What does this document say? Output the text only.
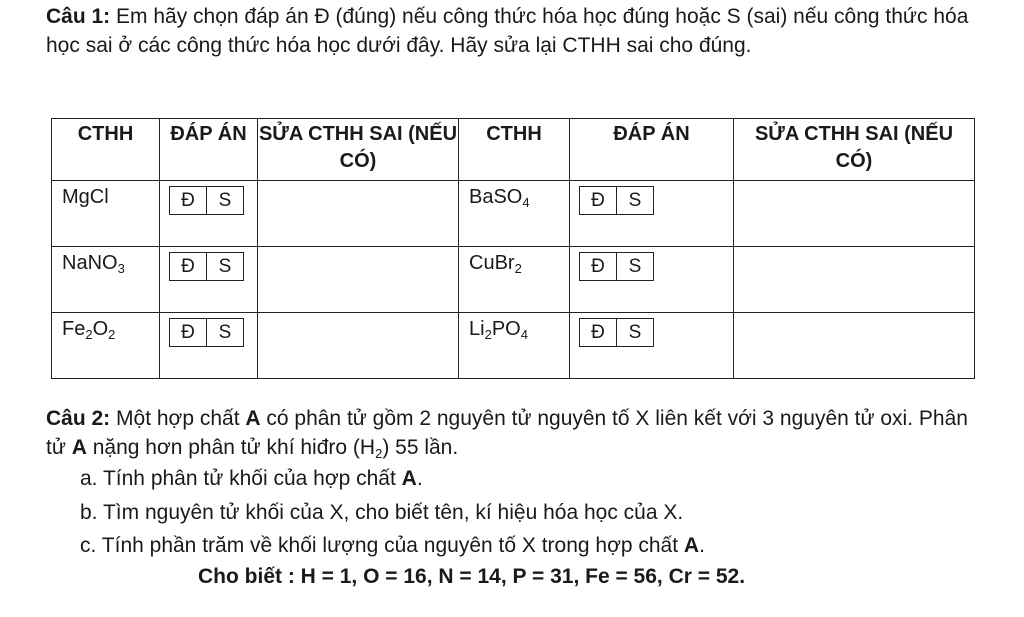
Câu 1: Em hãy chọn đáp án Đ (đúng) nếu công thức hóa học đúng hoặc S (sai) nếu công thức hóa học sai ở các công thức hóa học dưới đây. Hãy sửa lại CTHH sai cho đúng.
CTHH	ĐÁP ÁN	SỬA CTHH SAI (NẾU CÓ)	CTHH	ĐÁP ÁN	SỬA CTHH SAI (NẾU CÓ)
MgCl	Đ S		BaSO$_4$	Đ S	

NaNO$_3$	Đ S		CuBr$_2$	Đ S	

$Fe_2O_2$	Đ S		$Li_2PO_4$	Đ S	

Câu 2: Một hợp chất A có phân tử gồm 2 nguyên tử nguyên tố X liên kết với 3 nguyên tử oxi. Phân tử A nặng hơn phân tử khí hiđro $(H_2)$ 55 lần.
a. Tính phân tử khối của hợp chất A.
b. Tìm nguyên tử khối của X, cho biết tên, kí hiệu hóa học của X.
c. Tính phần trăm về khối lượng của nguyên tố X trong hợp chất A.
Cho biết : H = 1, O = 16, N = 14, P = 31, Fe = 56, Cr = 52.
